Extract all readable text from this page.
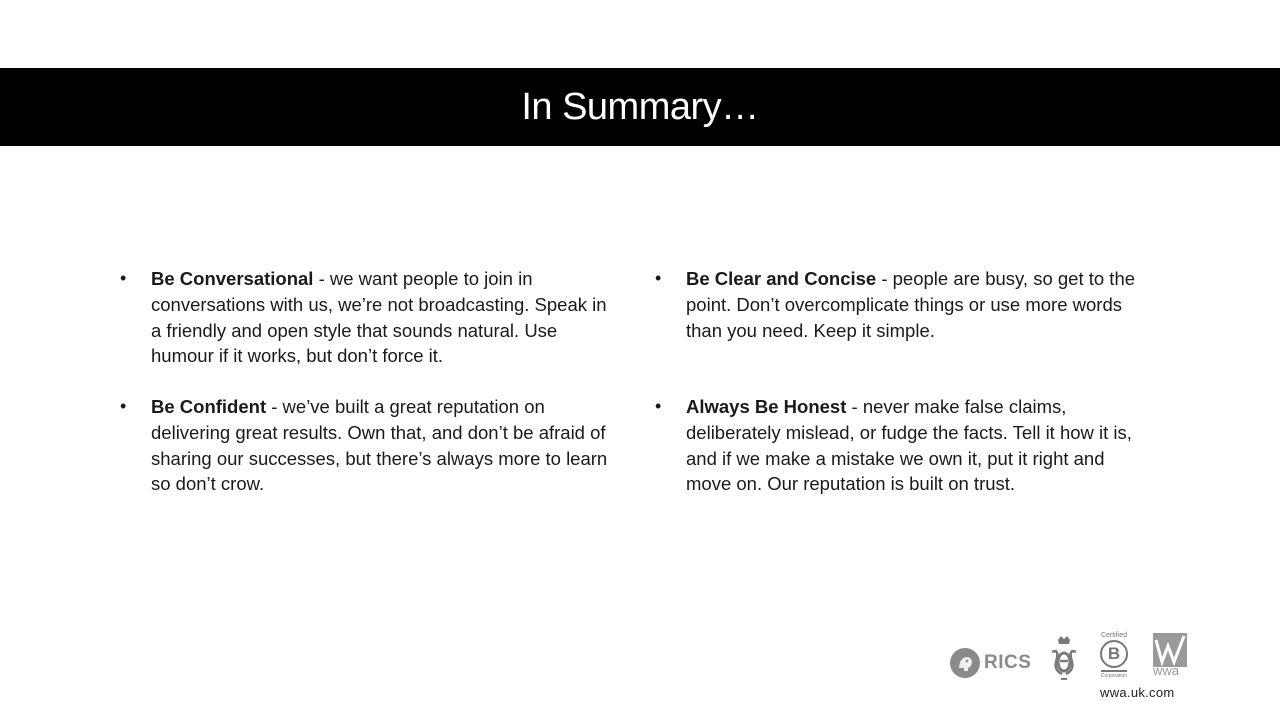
In Summary…
• Be Conversational - we want people to join in conversations with us, we’re not broadcasting. Speak in a friendly and open style that sounds natural. Use humour if it works, but don’t force it.
• Be Confident - we’ve built a great reputation on delivering great results. Own that, and don’t be afraid of sharing our successes, but there’s always more to learn so don’t crow.
• Be Clear and Concise - people are busy, so get to the point. Don’t overcomplicate things or use more words than you need. Keep it simple.
• Always Be Honest - never make false claims, deliberately mislead, or fudge the facts. Tell it how it is, and if we make a mistake we own it, put it right and move on. Our reputation is built on trust.
RICS
Certified
B
Corporation	wwa
wwa.uk.com
